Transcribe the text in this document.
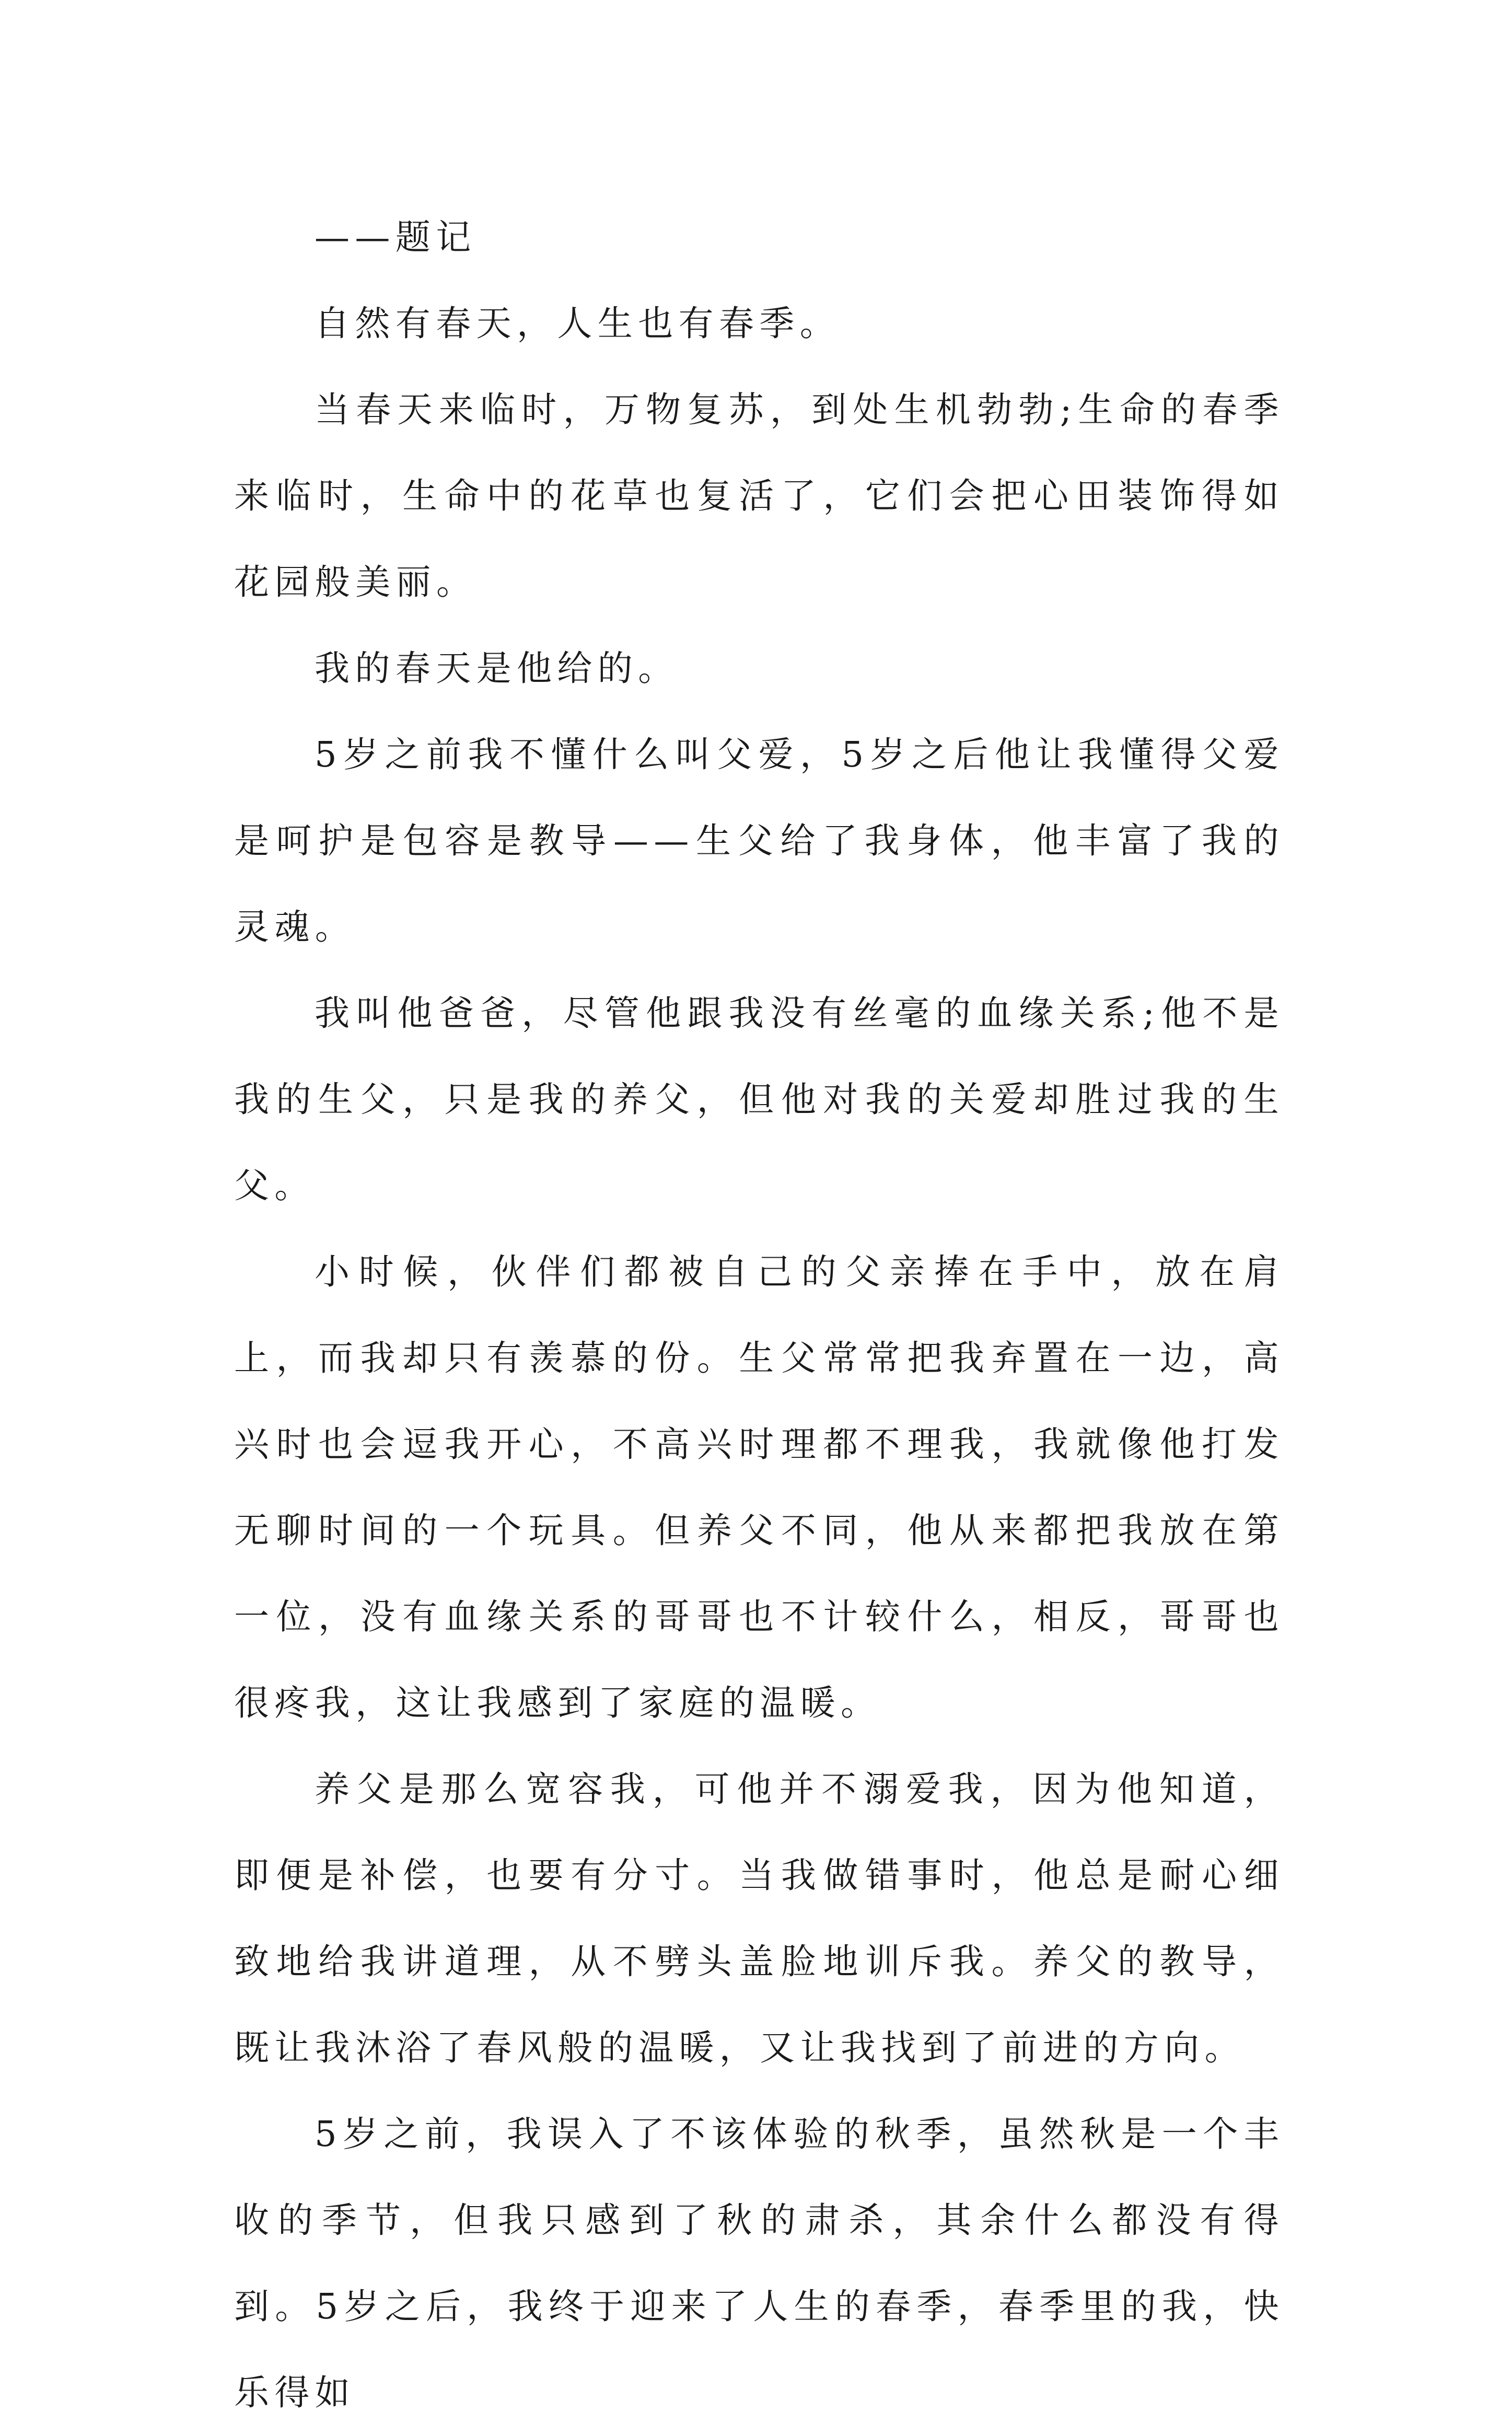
——题记

自然有春天，人生也有春季。

当春天来临时，万物复苏，到处生机勃勃;生命的春季来临时，生命中的花草也复活了，它们会把心田装饰得如花园般美丽。

我的春天是他给的。

5岁之前我不懂什么叫父爱，5岁之后他让我懂得父爱是呵护是包容是教导——生父给了我身体，他丰富了我的灵魂。

我叫他爸爸，尽管他跟我没有丝毫的血缘关系;他不是我的生父，只是我的养父，但他对我的关爱却胜过我的生父。

小时候，伙伴们都被自己的父亲捧在手中，放在肩上，而我却只有羡慕的份。生父常常把我弃置在一边，高兴时也会逗我开心，不高兴时理都不理我，我就像他打发无聊时间的一个玩具。但养父不同，他从来都把我放在第一位，没有血缘关系的哥哥也不计较什么，相反，哥哥也很疼我，这让我感到了家庭的温暖。

养父是那么宽容我，可他并不溺爱我，因为他知道，即便是补偿，也要有分寸。当我做错事时，他总是耐心细致地给我讲道理，从不劈头盖脸地训斥我。养父的教导，既让我沐浴了春风般的温暖，又让我找到了前进的方向。

5岁之前，我误入了不该体验的秋季，虽然秋是一个丰收的季节，但我只感到了秋的肃杀，其余什么都没有得到。5岁之后，我终于迎来了人生的春季，春季里的我，快乐得如
